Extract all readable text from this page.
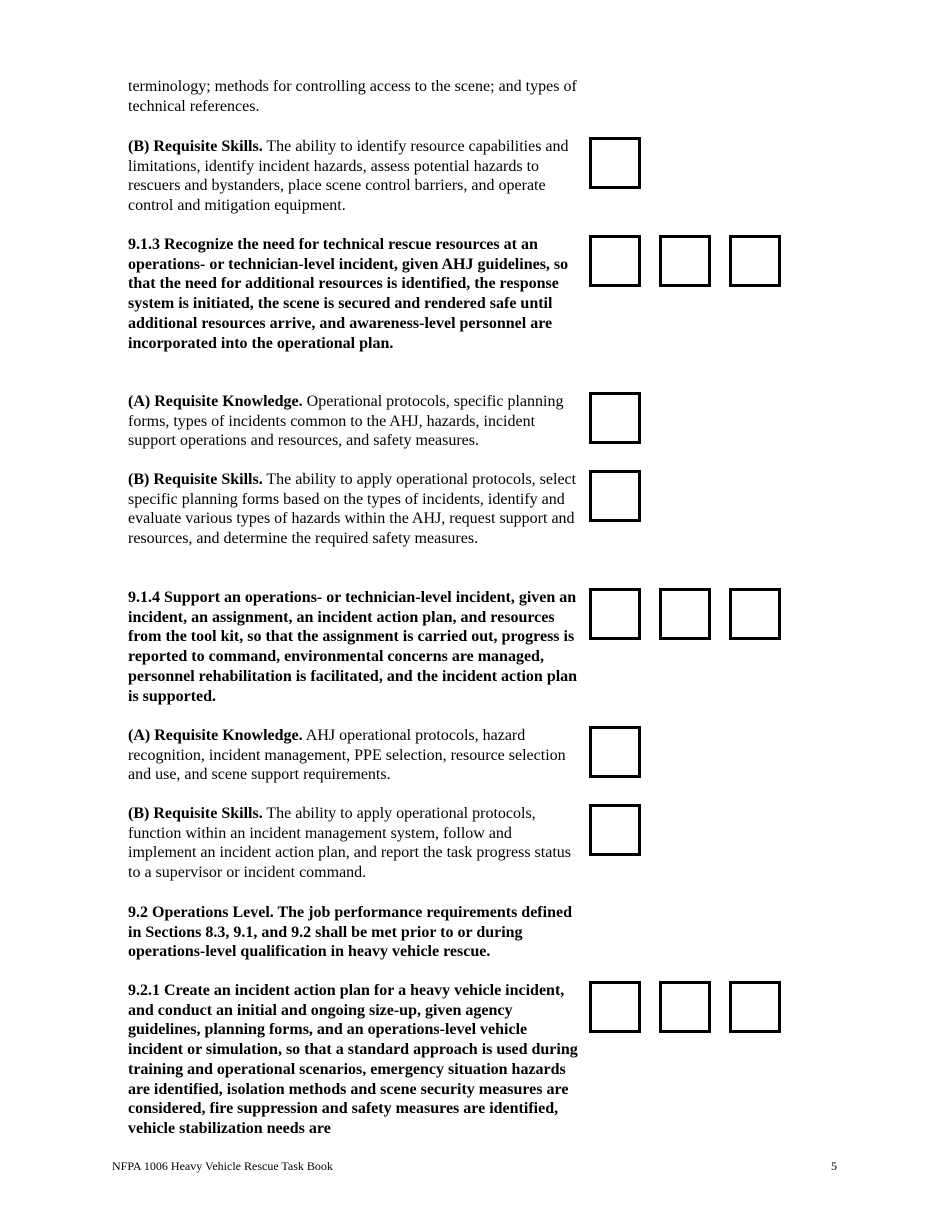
terminology; methods for controlling access to the scene; and types of technical references.

(B) Requisite Skills. The ability to identify resource capabilities and limitations, identify incident hazards, assess potential hazards to rescuers and bystanders, place scene control barriers, and operate control and mitigation equipment.

9.1.3 Recognize the need for technical rescue resources at an operations- or technician-level incident, given AHJ guidelines, so that the need for additional resources is identified, the response system is initiated, the scene is secured and rendered safe until additional resources arrive, and awareness-level personnel are incorporated into the operational plan.

(A) Requisite Knowledge. Operational protocols, specific planning forms, types of incidents common to the AHJ, hazards, incident support operations and resources, and safety measures.

(B) Requisite Skills. The ability to apply operational protocols, select specific planning forms based on the types of incidents, identify and evaluate various types of hazards within the AHJ, request support and resources, and determine the required safety measures.

9.1.4 Support an operations- or technician-level incident, given an incident, an assignment, an incident action plan, and resources from the tool kit, so that the assignment is carried out, progress is reported to command, environmental concerns are managed, personnel rehabilitation is facilitated, and the incident action plan is supported.

(A) Requisite Knowledge. AHJ operational protocols, hazard recognition, incident management, PPE selection, resource selection and use, and scene support requirements.

(B) Requisite Skills. The ability to apply operational protocols, function within an incident management system, follow and implement an incident action plan, and report the task progress status to a supervisor or incident command.

9.2 Operations Level. The job performance requirements defined in Sections 8.3, 9.1, and 9.2 shall be met prior to or during operations-level qualification in heavy vehicle rescue.

9.2.1 Create an incident action plan for a heavy vehicle incident, and conduct an initial and ongoing size-up, given agency guidelines, planning forms, and an operations-level vehicle incident or simulation, so that a standard approach is used during training and operational scenarios, emergency situation hazards are identified, isolation methods and scene security measures are considered, fire suppression and safety measures are identified, vehicle stabilization needs are

NFPA 1006 Heavy Vehicle Rescue Task Book	5
